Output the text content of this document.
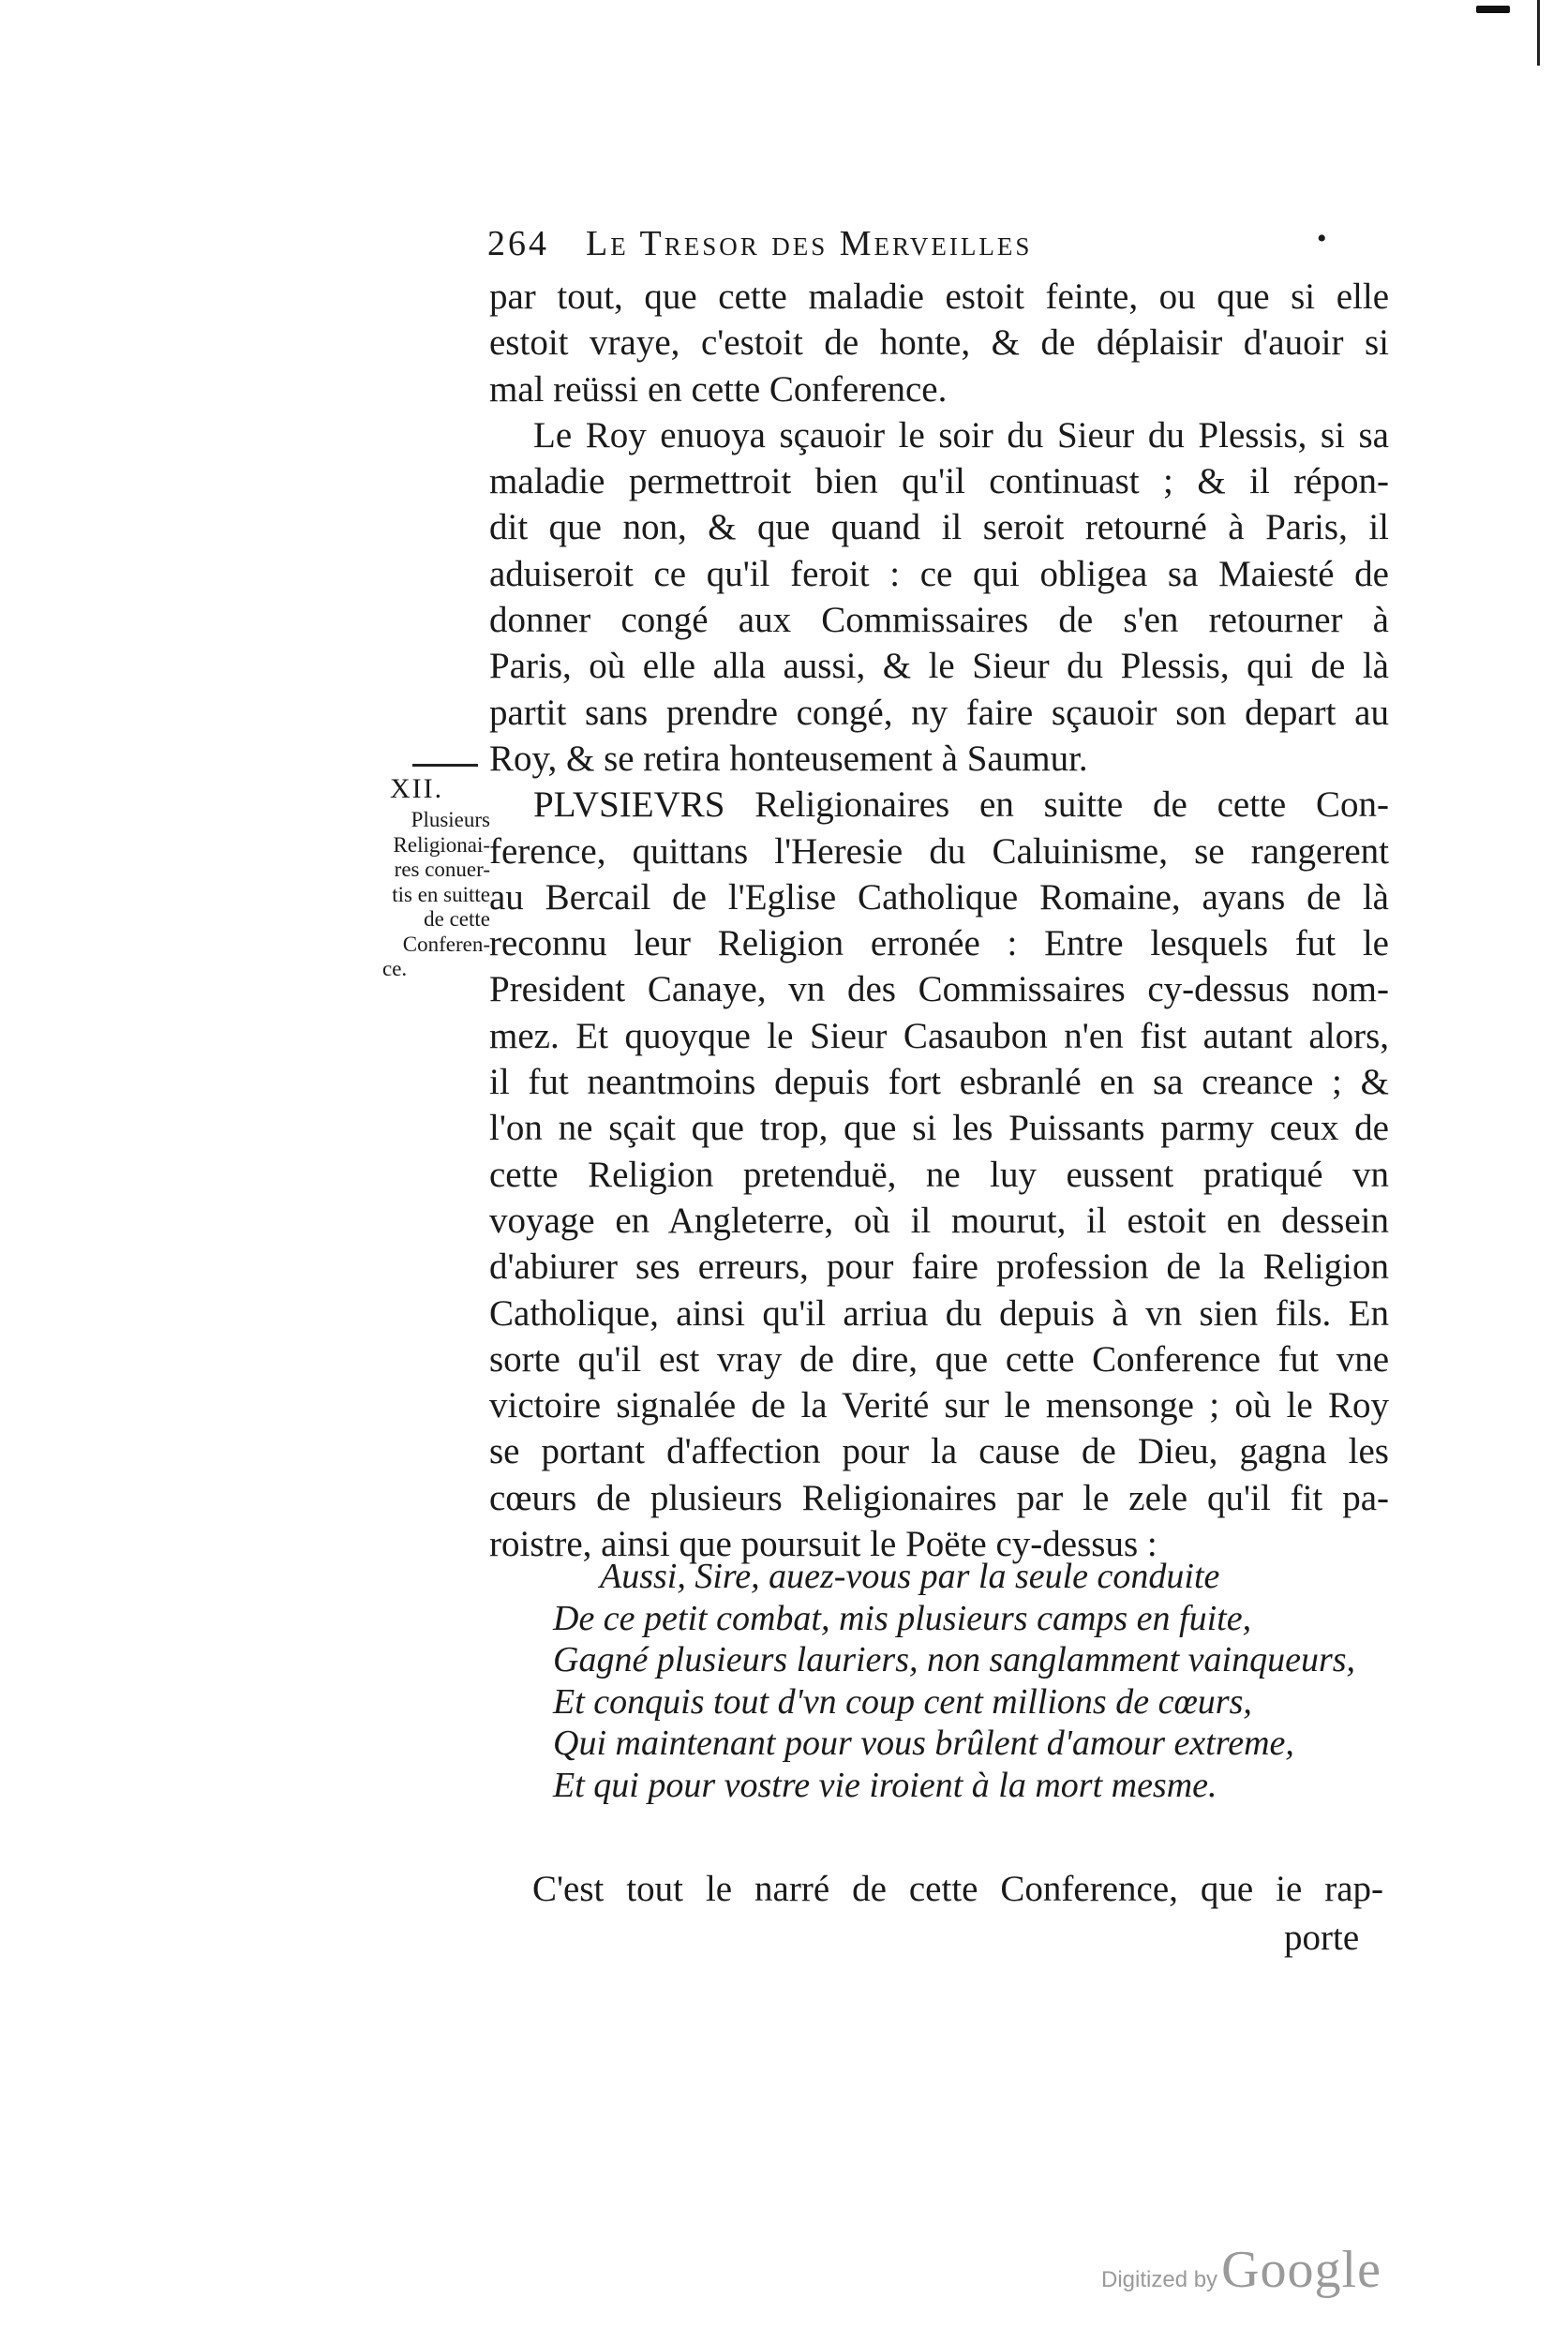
264 Le Tresor des Merveilles	•
par tout, que cette maladie estoit feinte, ou que si elle
estoit vraye, c'estoit de honte, & de déplaisir d'auoir si
mal reüssi en cette Conference.
Le Roy enuoya sçauoir le soir du Sieur du Plessis, si sa
maladie permettroit bien qu'il continuast ; & il répon-
dit que non, & que quand il seroit retourné à Paris, il
aduiseroit ce qu'il feroit : ce qui obligea sa Maiesté de
donner congé aux Commissaires de s'en retourner à
Paris, où elle alla aussi, & le Sieur du Plessis, qui de là
partit sans prendre congé, ny faire sçauoir son depart au
Roy, & se retira honteusement à Saumur.
PLVSIEVRS Religionaires en suitte de cette Con-
ference, quittans l'Heresie du Caluinisme, se rangerent
au Bercail de l'Eglise Catholique Romaine, ayans de là
reconnu leur Religion erronée : Entre lesquels fut le
President Canaye, vn des Commissaires cy-dessus nom-
mez. Et quoyque le Sieur Casaubon n'en fist autant alors,
il fut neantmoins depuis fort esbranlé en sa creance ; &
l'on ne sçait que trop, que si les Puissants parmy ceux de
cette Religion pretenduë, ne luy eussent pratiqué vn
voyage en Angleterre, où il mourut, il estoit en dessein
d'abiurer ses erreurs, pour faire profession de la Religion
Catholique, ainsi qu'il arriua du depuis à vn sien fils. En
sorte qu'il est vray de dire, que cette Conference fut vne
victoire signalée de la Verité sur le mensonge ; où le Roy
se portant d'affection pour la cause de Dieu, gagna les
cœurs de plusieurs Religionaires par le zele qu'il fit pa-
roistre, ainsi que poursuit le Poëte cy-dessus :
Aussi, Sire, auez-vous par la seule conduite
De ce petit combat, mis plusieurs camps en fuite,
Gagné plusieurs lauriers, non sanglamment vainqueurs,
Et conquis tout d'vn coup cent millions de cœurs,
Qui maintenant pour vous brûlent d'amour extreme,
Et qui pour vostre vie iroient à la mort mesme.
C'est tout le narré de cette Conference, que ie rap-
porte
XII.
Plusieurs
Religionai-
res conuer-
tis en suitte
de cette
Conferen-
ce.
Digitized by Google
